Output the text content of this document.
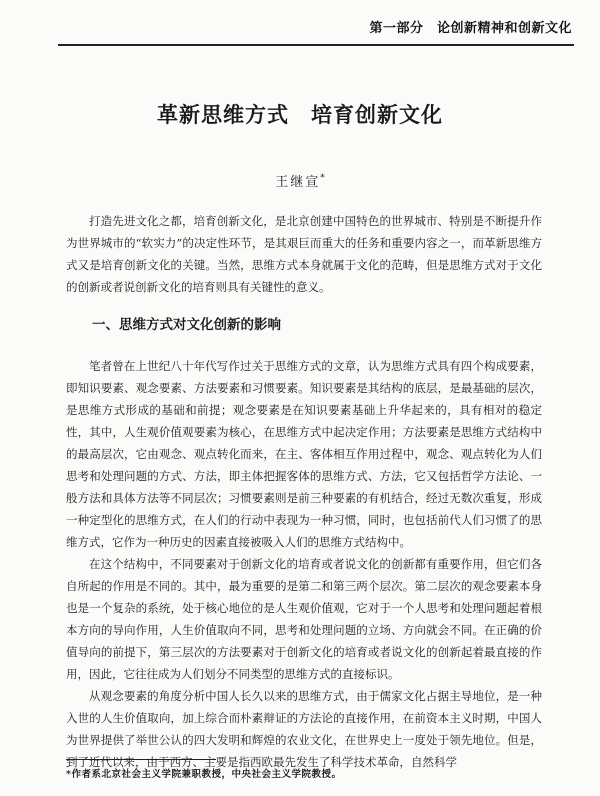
第一部分　论创新精神和创新文化
革新思维方式　培育创新文化
王继宣*

打造先进文化之都，培育创新文化，是北京创建中国特色的世界城市、特别是不断提升作为世界城市的“软实力”的决定性环节，是其艰巨而重大的任务和重要内容之一，而革新思维方式又是培育创新文化的关键。当然，思维方式本身就属于文化的范畴，但是思维方式对于文化的创新或者说创新文化的培育则具有关键性的意义。

一、思维方式对文化创新的影响

笔者曾在上世纪八十年代写作过关于思维方式的文章，认为思维方式具有四个构成要素，即知识要素、观念要素、方法要素和习惯要素。知识要素是其结构的底层，是最基础的层次，是思维方式形成的基础和前提；观念要素是在知识要素基础上升华起来的，具有相对的稳定性，其中，人生观价值观要素为核心，在思维方式中起决定作用；方法要素是思维方式结构中的最高层次，它由观念、观点转化而来，在主、客体相互作用过程中，观念、观点转化为人们思考和处理问题的方式、方法，即主体把握客体的思维方式、方法，它又包括哲学方法论、一般方法和具体方法等不同层次；习惯要素则是前三种要素的有机结合，经过无数次重复，形成一种定型化的思维方式，在人们的行动中表现为一种习惯，同时，也包括前代人们习惯了的思维方式，它作为一种历史的因素直接被吸入人们的思维方式结构中。

在这个结构中，不同要素对于创新文化的培育或者说文化的创新都有重要作用，但它们各自所起的作用是不同的。其中，最为重要的是第二和第三两个层次。第二层次的观念要素本身也是一个复杂的系统，处于核心地位的是人生观价值观，它对于一个人思考和处理问题起着根本方向的导向作用，人生价值取向不同，思考和处理问题的立场、方向就会不同。在正确的价值导向的前提下，第三层次的方法要素对于创新文化的培育或者说文化的创新起着最直接的作用，因此，它往往成为人们划分不同类型的思维方式的直接标识。

从观念要素的角度分析中国人长久以来的思维方式，由于儒家文化占据主导地位，是一种入世的人生价值取向，加上综合而朴素辩证的方法论的直接作用，在前资本主义时期，中国人为世界提供了举世公认的四大发明和辉煌的农业文化，在世界史上一度处于领先地位。但是，到了近代以来，由于西方、主要是指西欧最先发生了科学技术革命，自然科学

*作者系北京社会主义学院兼职教授，中央社会主义学院教授。
